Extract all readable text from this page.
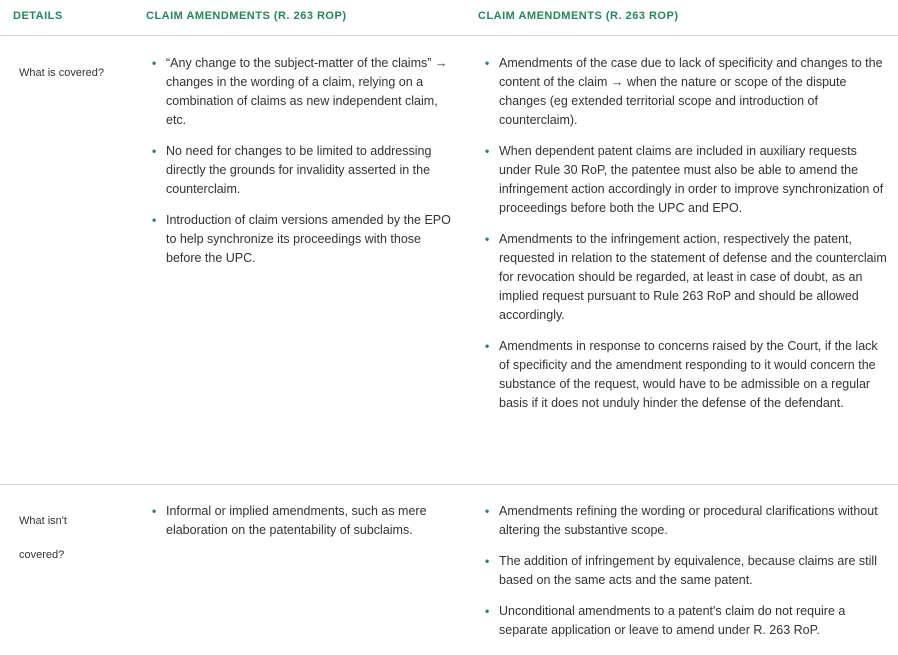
DETAILS	CLAIM AMENDMENTS (R. 263 ROP)	CLAIM AMENDMENTS (R. 263 ROP)
What is covered?
• “Any change to the subject-matter of the claims” → changes in the wording of a claim, relying on a combination of claims as new independent claim, etc.
• No need for changes to be limited to addressing directly the grounds for invalidity asserted in the counterclaim.
• Introduction of claim versions amended by the EPO to help synchronize its proceedings with those before the UPC.
• Amendments of the case due to lack of specificity and changes to the content of the claim → when the nature or scope of the dispute changes (eg extended territorial scope and introduction of counterclaim).
• When dependent patent claims are included in auxiliary requests under Rule 30 RoP, the patentee must also be able to amend the infringement action accordingly in order to improve synchronization of proceedings before both the UPC and EPO.
• Amendments to the infringement action, respectively the patent, requested in relation to the statement of defense and the counterclaim for revocation should be regarded, at least in case of doubt, as an implied request pursuant to Rule 263 RoP and should be allowed accordingly.
• Amendments in response to concerns raised by the Court, if the lack of specificity and the amendment responding to it would concern the substance of the request, would have to be admissible on a regular basis if it does not unduly hinder the defense of the defendant.
What isn't
covered?
• Informal or implied amendments, such as mere elaboration on the patentability of subclaims.
• Amendments refining the wording or procedural clarifications without altering the substantive scope.
• The addition of infringement by equivalence, because claims are still based on the same acts and the same patent.
• Unconditional amendments to a patent's claim do not require a separate application or leave to amend under R. 263 RoP.
